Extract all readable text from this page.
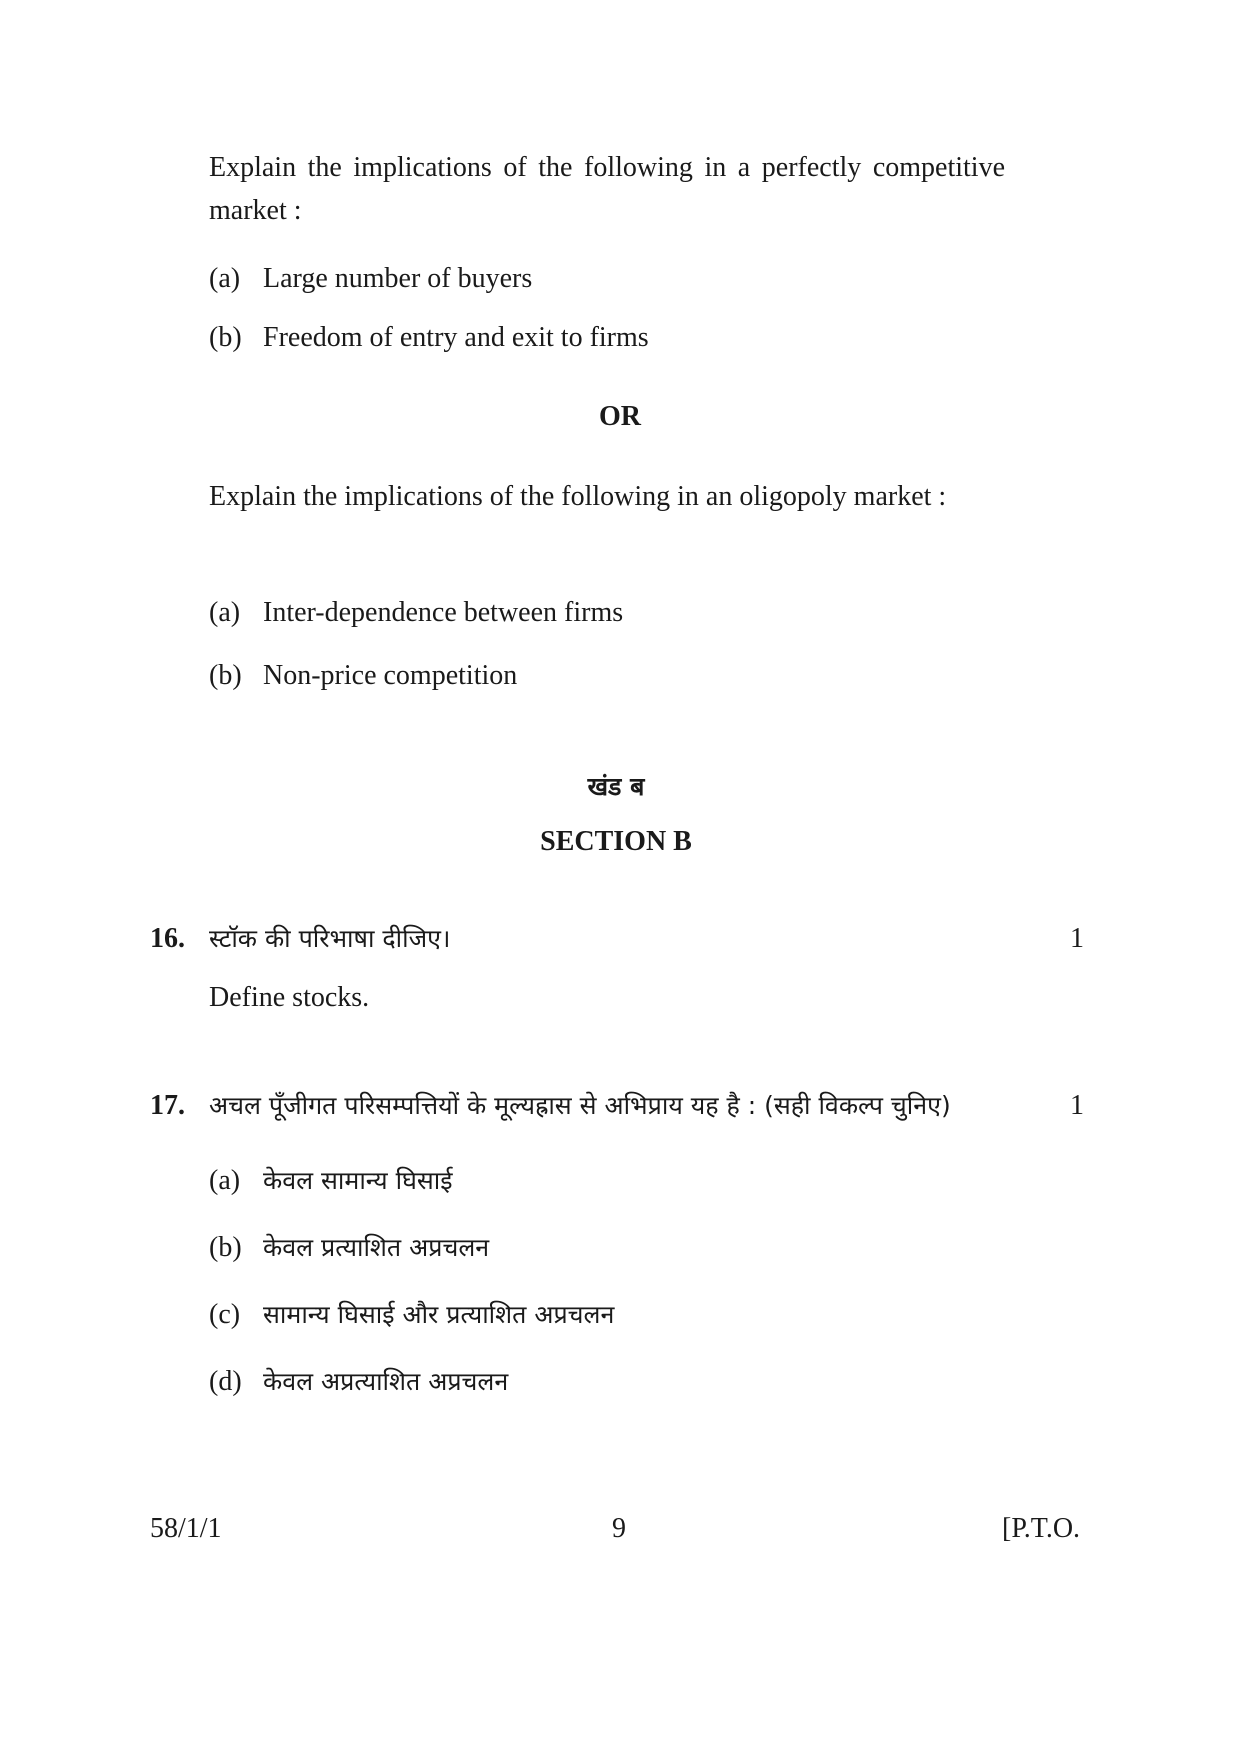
Explain the implications of the following in a perfectly competitive market :
(a) Large number of buyers
(b) Freedom of entry and exit to firms
OR
Explain the implications of the following in an oligopoly market :
(a) Inter-dependence between firms
(b) Non-price competition
खंड ब
SECTION B
16. स्टॉक की परिभाषा दीजिए।	1
Define stocks.
17. अचल पूँजीगत परिसम्पत्तियों के मूल्यह्रास से अभिप्राय यह है : (सही विकल्प चुनिए)	1
(a) केवल सामान्य घिसाई
(b) केवल प्रत्याशित अप्रचलन
(c) सामान्य घिसाई और प्रत्याशित अप्रचलन
(d) केवल अप्रत्याशित अप्रचलन
58/1/1	9	[P.T.O.
